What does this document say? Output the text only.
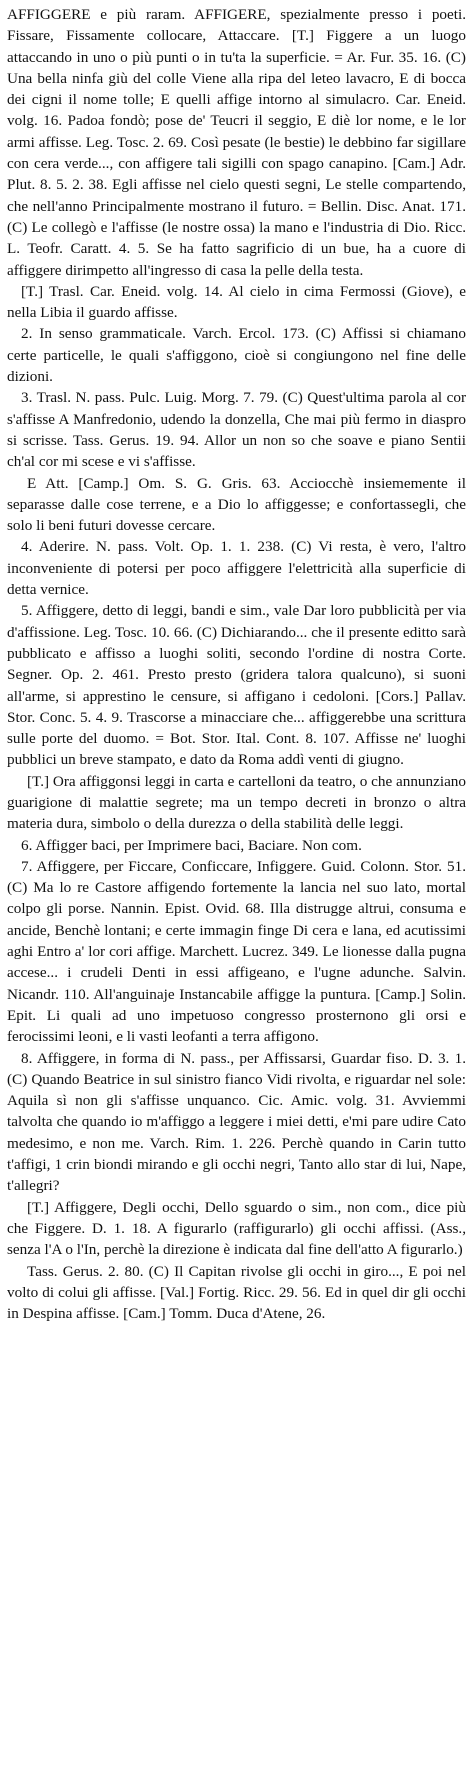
AFFIGGERE e più raram. AFFIGERE, spezialmente presso i poeti. Fissare, Fissamente collocare, Attaccare. [T.] Figgere a un luogo attaccando in uno o più punti o in tu'ta la superficie. = Ar. Fur. 35. 16. (C) Una bella ninfa giù del colle Viene alla ripa del leteo lavacro, E di bocca dei cigni il nome tolle; E quelli affige intorno al simulacro. Car. Eneid. volg. 16. Padoa fondò; pose de' Teucri il seggio, E diè lor nome, e le lor armi affisse. Leg. Tosc. 2. 69. Così pesate (le bestie) le debbino far sigillare con cera verde..., con affigere tali sigilli con spago canapino. [Cam.] Adr. Plut. 8. 5. 2. 38. Egli affisse nel cielo questi segni, Le stelle compartendo, che nell'anno Principalmente mostrano il futuro. = Bellin. Disc. Anat. 171. (C) Le collegò e l'affisse (le nostre ossa) la mano e l'industria di Dio. Ricc. L. Teofr. Caratt. 4. 5. Se ha fatto sagrificio di un bue, ha a cuore di affiggere dirimpetto all'ingresso di casa la pelle della testa.

[T.] Trasl. Car. Eneid. volg. 14. Al cielo in cima Fermossi (Giove), e nella Libia il guardo affisse.

2. In senso grammaticale. Varch. Ercol. 173. (C) Affissi si chiamano certe particelle, le quali s'affiggono, cioè si congiungono nel fine delle dizioni.

3. Trasl. N. pass. Pulc. Luig. Morg. 7. 79. (C) Quest'ultima parola al cor s'affisse A Manfredonio, udendo la donzella, Che mai più fermo in diaspro si scrisse. Tass. Gerus. 19. 94. Allor un non so che soave e piano Sentii ch'al cor mi scese e vi s'affisse.

E Att. [Camp.] Om. S. G. Gris. 63. Acciocchè insiememente il separasse dalle cose terrene, e a Dio lo affiggesse; e confortassegli, che solo li beni futuri dovesse cercare.

4. Aderire. N. pass. Volt. Op. 1. 1. 238. (C) Vi resta, è vero, l'altro inconveniente di potersi per poco affiggere l'elettricità alla superficie di detta vernice.

5. Affiggere, detto di leggi, bandi e sim., vale Dar loro pubblicità per via d'affissione. Leg. Tosc. 10. 66. (C) Dichiarando... che il presente editto sarà pubblicato e affisso a luoghi soliti, secondo l'ordine di nostra Corte. Segner. Op. 2. 461. Presto presto (gridera talora qualcuno), si suoni all'arme, si apprestino le censure, si affigano i cedoloni. [Cors.] Pallav. Stor. Conc. 5. 4. 9. Trascorse a minacciare che... affiggerebbe una scrittura sulle porte del duomo. = Bot. Stor. Ital. Cont. 8. 107. Affisse ne' luoghi pubblici un breve stampato, e dato da Roma addì venti di giugno.

[T.] Ora affiggonsi leggi in carta e cartelloni da teatro, o che annunziano guarigione di malattie segrete; ma un tempo decreti in bronzo o altra materia dura, simbolo o della durezza o della stabilità delle leggi.

6. Affigger baci, per Imprimere baci, Baciare. Non com.

7. Affiggere, per Ficcare, Conficcare, Infiggere. Guid. Colonn. Stor. 51. (C) Ma lo re Castore affigendo fortemente la lancia nel suo lato, mortal colpo gli porse. Nannin. Epist. Ovid. 68. Illa distrugge altrui, consuma e ancide, Benchè lontani; e certe immagin finge Di cera e lana, ed acutissimi aghi Entro a' lor cori affige. Marchett. Lucrez. 349. Le lionesse dalla pugna accese... i crudeli Denti in essi affigeano, e l'ugne adunche. Salvin. Nicandr. 110. All'anguinaje Instancabile affigge la puntura. [Camp.] Solin. Epit. Li quali ad uno impetuoso congresso prosternono gli orsi e ferocissimi leoni, e li vasti leofanti a terra affigono.

8. Affiggere, in forma di N. pass., per Affissarsi, Guardar fiso. D. 3. 1. (C) Quando Beatrice in sul sinistro fianco Vidi rivolta, e riguardar nel sole: Aquila sì non gli s'affisse unquanco. Cic. Amic. volg. 31. Avviemmi talvolta che quando io m'affiggo a leggere i miei detti, e'mi pare udire Cato medesimo, e non me. Varch. Rim. 1. 226. Perchè quando in Carin tutto t'affigi, 1 crin biondi mirando e gli occhi negri, Tanto allo star di lui, Nape, t'allegri?

[T.] Affiggere, Degli occhi, Dello sguardo o sim., non com., dice più che Figgere. D. 1. 18. A figurarlo (raffigurarlo) gli occhi affissi. (Ass., senza l'A o l'In, perchè la direzione è indicata dal fine dell'atto A figurarlo.)

Tass. Gerus. 2. 80. (C) Il Capitan rivolse gli occhi in giro..., E poi nel volto di colui gli affisse. [Val.] Fortig. Ricc. 29. 56. Ed in quel dir gli occhi in Despina affisse. [Cam.] Tomm. Duca d'Atene, 26.
